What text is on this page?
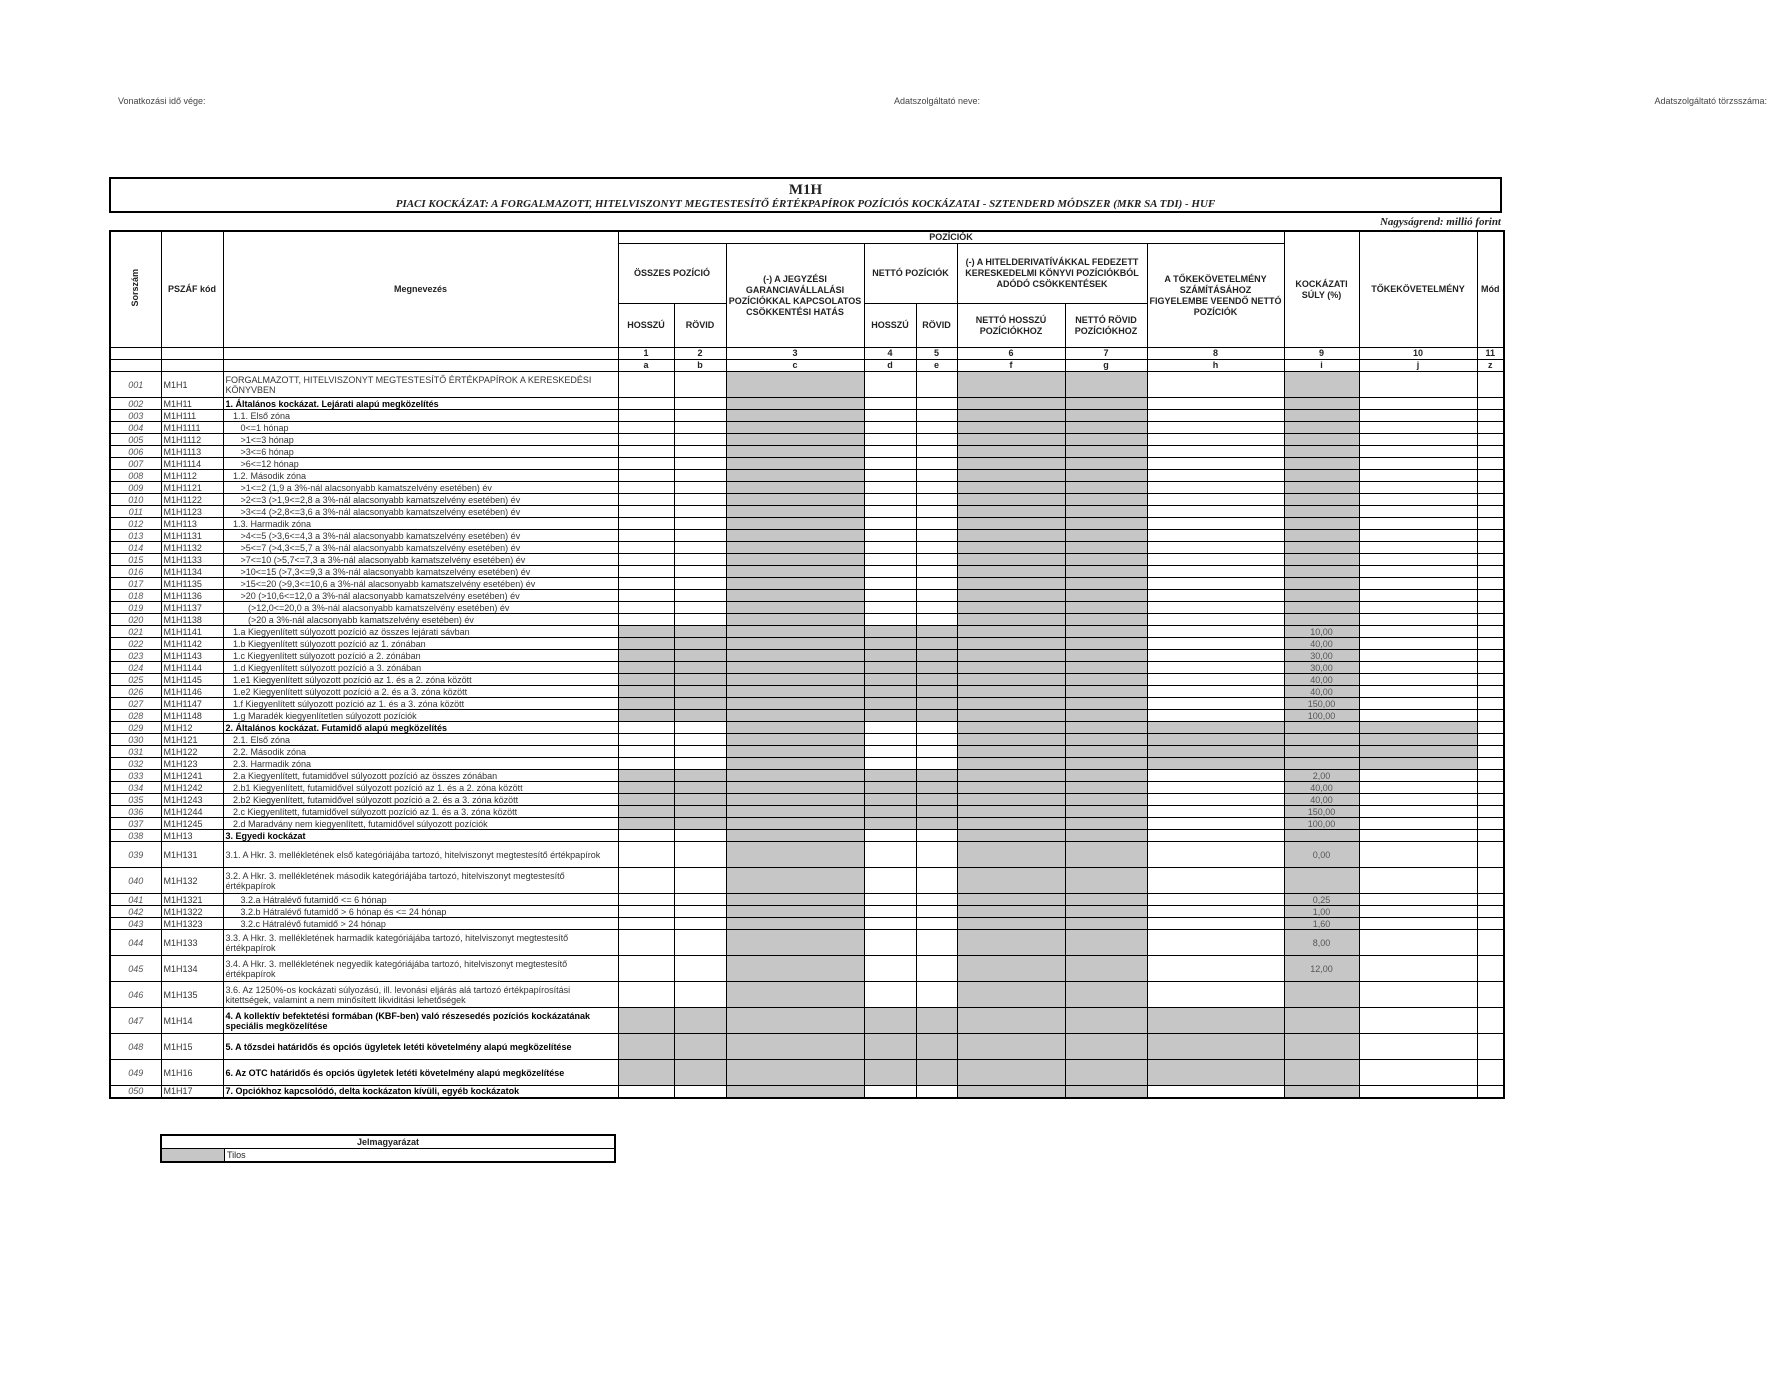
Vonatkozási idő vége:	Adatszolgáltató neve:	Adatszolgáltató törzsszáma:
M1H
PIACI KOCKÁZAT: A FORGALMAZOTT, HITELVISZONYT MEGTESTESÍTŐ ÉRTÉKPAPÍROK POZÍCIÓS KOCKÁZATAI - SZTENDERD MÓDSZER (MKR SA TDI) - HUF
Nagyságrend: millió forint
Sorszám	PSZÁF kód	Megnevezés	POZÍCIÓK								KOCKÁZATI SÚLY (%)	TŐKEKÖVETELMÉNY	Mód
			ÖSSZES POZÍCIÓ		(-) A JEGYZÉSI GARANCIAVÁLLALÁSI POZÍCIÓKKAL KAPCSOLATOS CSÖKKENTÉSI HATÁS	NETTÓ POZÍCIÓK		(-) A HITELDERIVATÍVÁKKAL FEDEZETT KERESKEDELMI KÖNYVI POZÍCIÓKBÓL ADÓDÓ CSÖKKENTÉSEK		A TŐKEKÖVETELMÉNY SZÁMÍTÁSÁHOZ FIGYELEMBE VEENDŐ NETTÓ POZÍCIÓK			
			HOSSZÚ	RÖVID		HOSSZÚ	RÖVID	NETTÓ HOSSZÚ POZÍCIÓKHOZ	NETTÓ RÖVID POZÍCIÓKHOZ				
			1	2	3	4	5	6	7	8	9	10	11
			a	b	c	d	e	f	g	h	i	j	z
001	M1H1	FORGALMAZOTT, HITELVISZONYT MEGTESTESÍTŐ ÉRTÉKPAPÍROK A KERESKEDÉSI KÖNYVBEN											
002	M1H11	1. Általános kockázat. Lejárati alapú megközelítés											
003	M1H111	1.1. Első zóna											
004	M1H1111	0<=1 hónap											
005	M1H1112	>1<=3 hónap											
006	M1H1113	>3<=6 hónap											
007	M1H1114	>6<=12 hónap											
008	M1H112	1.2. Második zóna											
009	M1H1121	>1<=2 (1,9 a 3%-nál alacsonyabb kamatszelvény esetében) év											
010	M1H1122	>2<=3 (>1,9<=2,8 a 3%-nál alacsonyabb kamatszelvény esetében) év											
011	M1H1123	>3<=4 (>2,8<=3,6 a 3%-nál alacsonyabb kamatszelvény esetében) év											
012	M1H113	1.3. Harmadik zóna											
013	M1H1131	>4<=5 (>3,6<=4,3 a 3%-nál alacsonyabb kamatszelvény esetében) év											
014	M1H1132	>5<=7 (>4,3<=5,7 a 3%-nál alacsonyabb kamatszelvény esetében) év											
015	M1H1133	>7<=10 (>5,7<=7,3 a 3%-nál alacsonyabb kamatszelvény esetében) év											
016	M1H1134	>10<=15 (>7,3<=9,3 a 3%-nál alacsonyabb kamatszelvény esetében) év											
017	M1H1135	>15<=20 (>9,3<=10,6 a 3%-nál alacsonyabb kamatszelvény esetében) év											
018	M1H1136	>20 (>10,6<=12,0 a 3%-nál alacsonyabb kamatszelvény esetében) év											
019	M1H1137	(>12,0<=20,0 a 3%-nál alacsonyabb kamatszelvény esetében) év											
020	M1H1138	(>20 a 3%-nál alacsonyabb kamatszelvény esetében) év											
021	M1H1141	1.a Kiegyenlített súlyozott pozíció az összes lejárati sávban									10,00		
022	M1H1142	1.b Kiegyenlített súlyozott pozíció az 1. zónában									40,00		
023	M1H1143	1.c Kiegyenlített súlyozott pozíció a 2. zónában									30,00		
024	M1H1144	1.d Kiegyenlített súlyozott pozíció a 3. zónában									30,00		
025	M1H1145	1.e1 Kiegyenlített súlyozott pozíció az 1. és a 2. zóna között									40,00		
026	M1H1146	1.e2 Kiegyenlített súlyozott pozíció a 2. és a 3. zóna között									40,00		
027	M1H1147	1.f Kiegyenlített súlyozott pozíció az 1. és a 3. zóna között									150,00		
028	M1H1148	1.g Maradék kiegyenlítetlen súlyozott pozíciók									100,00		
029	M1H12	2. Általános kockázat. Futamidő alapú megközelítés											
030	M1H121	2.1. Első zóna											
031	M1H122	2.2. Második zóna											
032	M1H123	2.3. Harmadik zóna											
033	M1H1241	2.a Kiegyenlített, futamidővel súlyozott pozíció az összes zónában									2,00		
034	M1H1242	2.b1 Kiegyenlített, futamidővel súlyozott pozíció az 1. és a 2. zóna között									40,00		
035	M1H1243	2.b2 Kiegyenlített, futamidővel súlyozott pozíció a 2. és a 3. zóna között									40,00		
036	M1H1244	2.c Kiegyenlített, futamidővel súlyozott pozíció az 1. és a 3. zóna között									150,00		
037	M1H1245	2.d Maradvány nem kiegyenlített, futamidővel súlyozott pozíciók									100,00		
038	M1H13	3. Egyedi kockázat											
039	M1H131	3.1. A Hkr. 3. mellékletének első kategóriájába tartozó, hitelviszonyt megtestesítő értékpapírok									0,00		
040	M1H132	3.2. A Hkr. 3. mellékletének második kategóriájába tartozó, hitelviszonyt megtestesítő értékpapírok											
041	M1H1321	3.2.a Hátralévő futamidő <= 6 hónap									0,25		
042	M1H1322	3.2.b Hátralévő futamidő > 6 hónap és <= 24 hónap									1,00		
043	M1H1323	3.2.c Hátralévő futamidő > 24 hónap									1,60		
044	M1H133	3.3. A Hkr. 3. mellékletének harmadik kategóriájába tartozó, hitelviszonyt megtestesítő értékpapírok									8,00		
045	M1H134	3.4. A Hkr. 3. mellékletének negyedik kategóriájába tartozó, hitelviszonyt megtestesítő értékpapírok									12,00		
046	M1H135	3.6. Az 1250%-os kockázati súlyozású, ill. levonási eljárás alá tartozó értékpapírosítási kitettségek, valamint a nem minősített likviditási lehetőségek											
047	M1H14	4. A kollektív befektetési formában (KBF-ben) való részesedés pozíciós kockázatának speciális megközelítése											
048	M1H15	5. A tőzsdei határidős és opciós ügyletek letéti követelmény alapú megközelítése											
049	M1H16	6. Az OTC határidős és opciós ügyletek letéti követelmény alapú megközelítése											
050	M1H17	7. Opciókhoz kapcsolódó, delta kockázaton kívüli, egyéb kockázatok											
Jelmagyarázat
	Tilos
